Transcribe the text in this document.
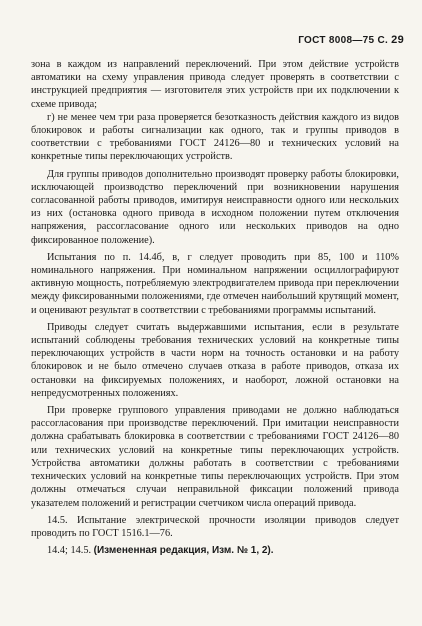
ГОСТ 8008—75 С. 29

зона в каждом из направлений переключений. При этом действие устройств автоматики на схему управления привода следует проверять в соответствии с инструкцией предприятия — изготовителя этих устройств при их подключении к схеме привода;

г) не менее чем три раза проверяется безотказность действия каждого из видов блокировок и работы сигнализации как одного, так и группы приводов в соответствии с требованиями ГОСТ 24126—80 и технических условий на конкретные типы переключающих устройств.

Для группы приводов дополнительно производят проверку работы блокировки, исключающей производство переключений при возникновении нарушения согласованной работы приводов, имитируя неисправности одного или нескольких из них (остановка одного привода в исходном положении путем отключения напряжения, рассогласование одного или нескольких приводов на одно фиксированное положение).

Испытания по п. 14.4б, в, г следует проводить при 85, 100 и 110% номинального напряжения. При номинальном напряжении осциллографируют активную мощность, потребляемую электродвигателем привода при переключении между фиксированными положениями, где отмечен наибольший крутящий момент, и оценивают результат в соответствии с требованиями программы испытаний.

Приводы следует считать выдержавшими испытания, если в результате испытаний соблюдены требования технических условий на конкретные типы переключающих устройств в части норм на точность остановки и на работу блокировок и не было отмечено случаев отказа в работе приводов, отказа их остановки на фиксируемых положениях, и наоборот, ложной остановки на непредусмотренных положениях.

При проверке группового управления приводами не должно наблюдаться рассогласования при производстве переключений. При имитации неисправности должна срабатывать блокировка в соответствии с требованиями ГОСТ 24126—80 или технических условий на конкретные типы переключающих устройств. Устройства автоматики должны работать в соответствии с требованиями технических условий на конкретные типы переключающих устройств. При этом должны отмечаться случаи неправильной фиксации положений привода указателем положений и регистрации счетчиком числа операций привода.

14.5. Испытание электрической прочности изоляции приводов следует проводить по ГОСТ 1516.1—76.

14.4; 14.5. (Измененная редакция, Изм. № 1, 2).
